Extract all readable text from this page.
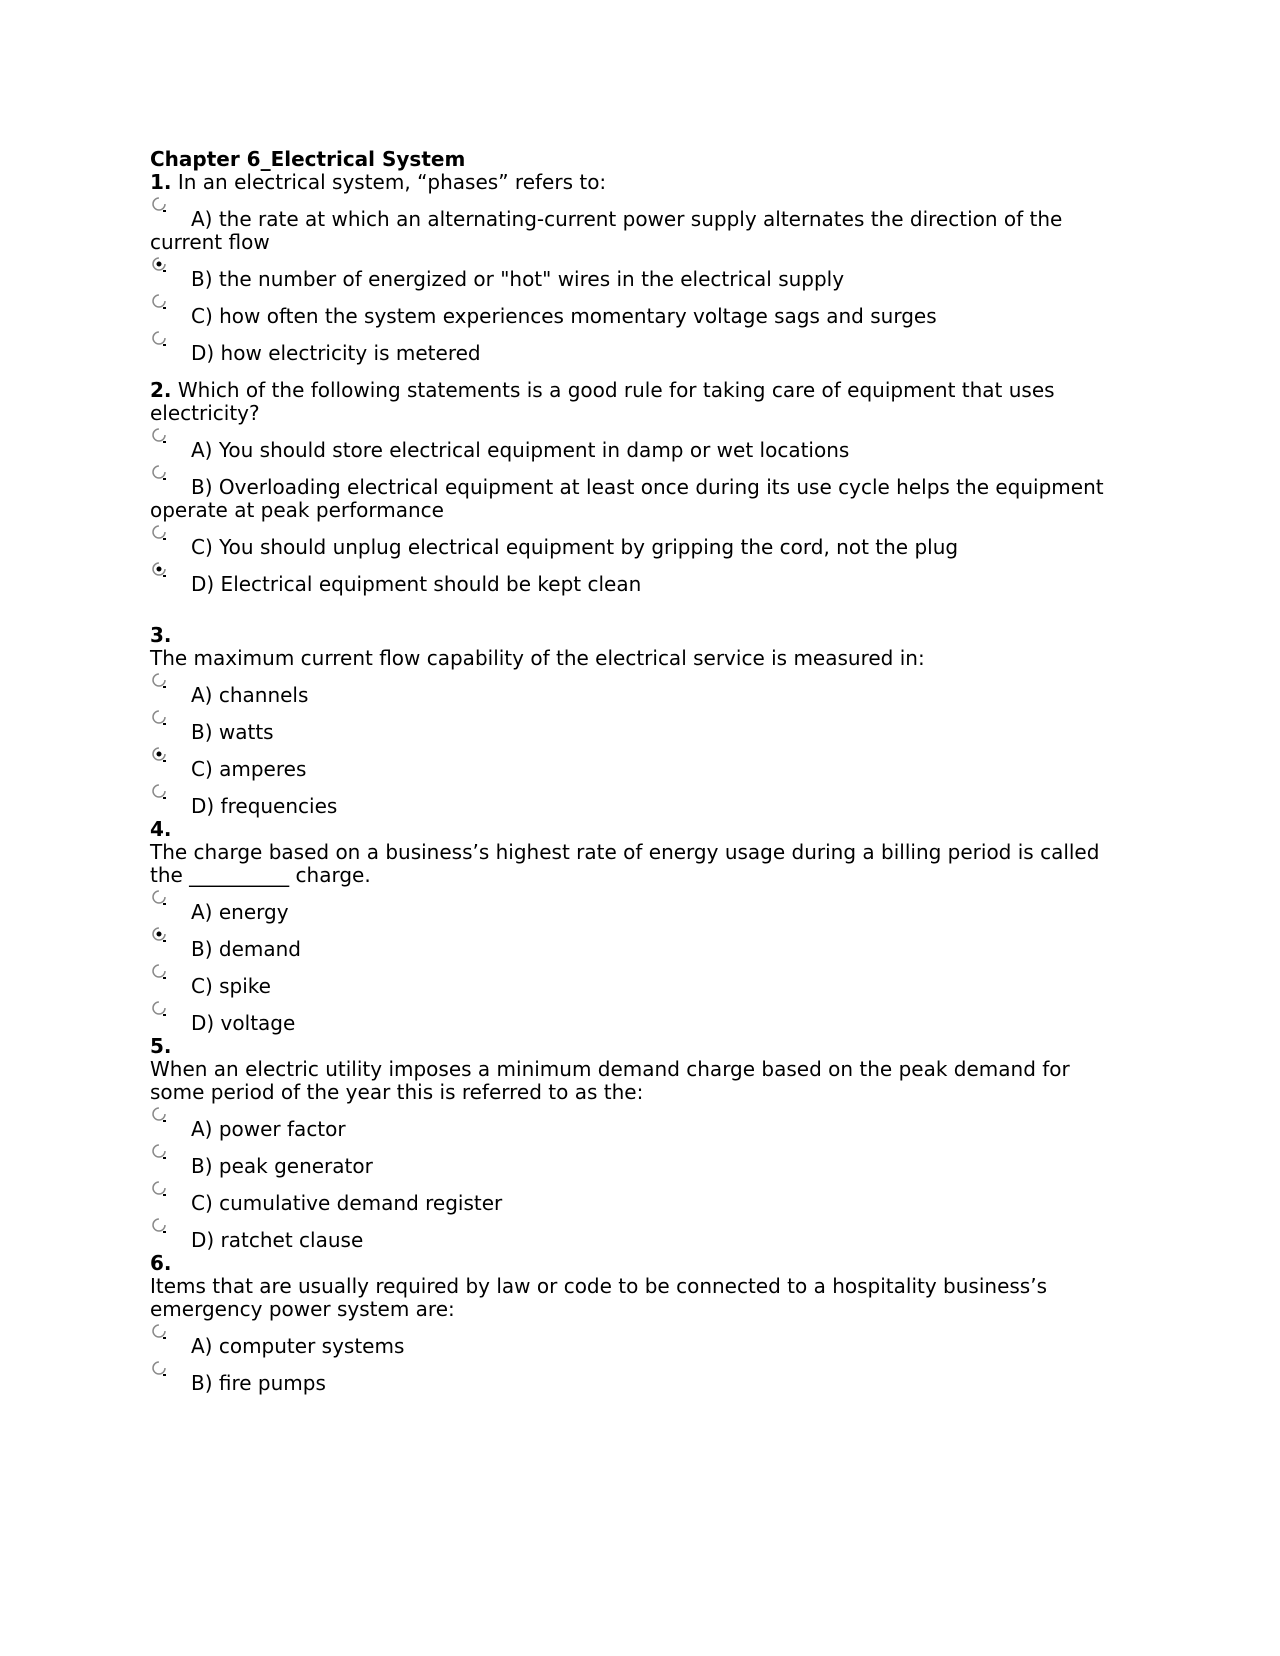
Chapter 6_Electrical System
1. In an electrical system, “phases” refers to:
A) the rate at which an alternating-current power supply alternates the direction of the current flow
B) the number of energized or "hot" wires in the electrical supply
C) how often the system experiences momentary voltage sags and surges
D) how electricity is metered
2. Which of the following statements is a good rule for taking care of equipment that uses electricity?
A) You should store electrical equipment in damp or wet locations
B) Overloading electrical equipment at least once during its use cycle helps the equipment operate at peak performance
C) You should unplug electrical equipment by gripping the cord, not the plug
D) Electrical equipment should be kept clean
3.
The maximum current flow capability of the electrical service is measured in:
A) channels
B) watts
C) amperes
D) frequencies
4.
The charge based on a business’s highest rate of energy usage during a billing period is called the __________ charge.
A) energy
B) demand
C) spike
D) voltage
5.
When an electric utility imposes a minimum demand charge based on the peak demand for some period of the year this is referred to as the:
A) power factor
B) peak generator
C) cumulative demand register
D) ratchet clause
6.
Items that are usually required by law or code to be connected to a hospitality business’s emergency power system are:
A) computer systems
B) fire pumps
